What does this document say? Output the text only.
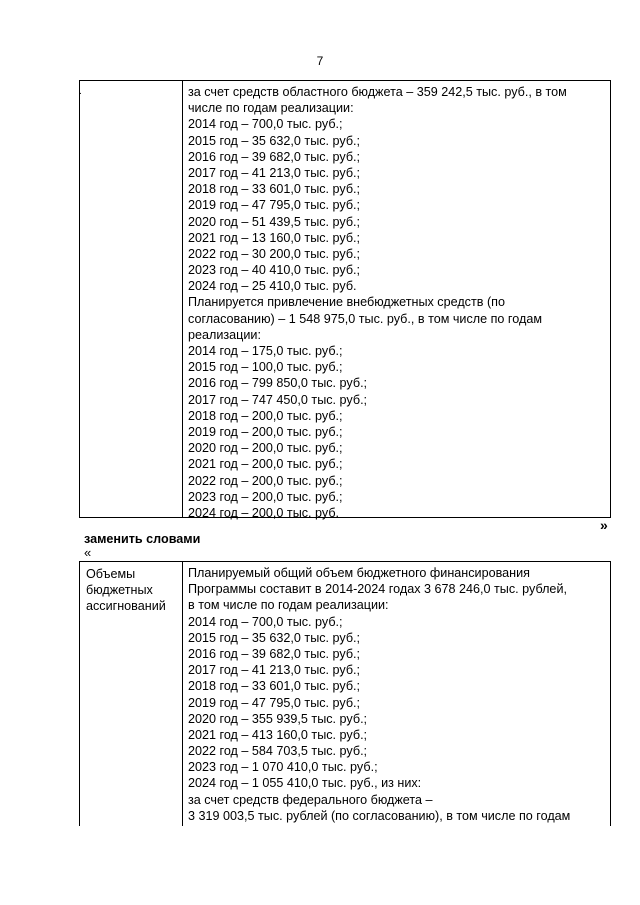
7
.	за счет средств областного бюджета – 359 242,5 тыс. руб., в том
числе по годам реализации:
2014 год – 700,0 тыс. руб.;
2015 год – 35 632,0 тыс. руб.;
2016 год – 39 682,0 тыс. руб.;
2017 год – 41 213,0 тыс. руб.;
2018 год – 33 601,0 тыс. руб.;
2019 год – 47 795,0 тыс. руб.;
2020 год – 51 439,5 тыс. руб.;
2021 год – 13 160,0 тыс. руб.;
2022 год – 30 200,0 тыс. руб.;
2023 год – 40 410,0 тыс. руб.;
2024 год – 25 410,0 тыс. руб.
Планируется привлечение внебюджетных средств (по
согласованию) – 1 548 975,0 тыс. руб., в том числе по годам
реализации:
2014 год – 175,0 тыс. руб.;
2015 год – 100,0 тыс. руб.;
2016 год – 799 850,0 тыс. руб.;
2017 год – 747 450,0 тыс. руб.;
2018 год – 200,0 тыс. руб.;
2019 год – 200,0 тыс. руб.;
2020 год – 200,0 тыс. руб.;
2021 год – 200,0 тыс. руб.;
2022 год – 200,0 тыс. руб.;
2023 год – 200,0 тыс. руб.;
2024 год – 200,0 тыс. руб.
»
заменить словами
«
Объемы
бюджетных
ассигнований
Планируемый общий объем бюджетного финансирования
Программы составит в 2014-2024 годах 3 678 246,0 тыс. рублей,
в том числе по годам реализации:
2014 год – 700,0 тыс. руб.;
2015 год – 35 632,0 тыс. руб.;
2016 год – 39 682,0 тыс. руб.;
2017 год – 41 213,0 тыс. руб.;
2018 год – 33 601,0 тыс. руб.;
2019 год – 47 795,0 тыс. руб.;
2020 год – 355 939,5 тыс. руб.;
2021 год – 413 160,0 тыс. руб.;
2022 год – 584 703,5 тыс. руб.;
2023 год – 1 070 410,0 тыс. руб.;
2024 год – 1 055 410,0 тыс. руб., из них:
за счет средств федерального бюджета –
3 319 003,5 тыс. рублей (по согласованию), в том числе по годам
